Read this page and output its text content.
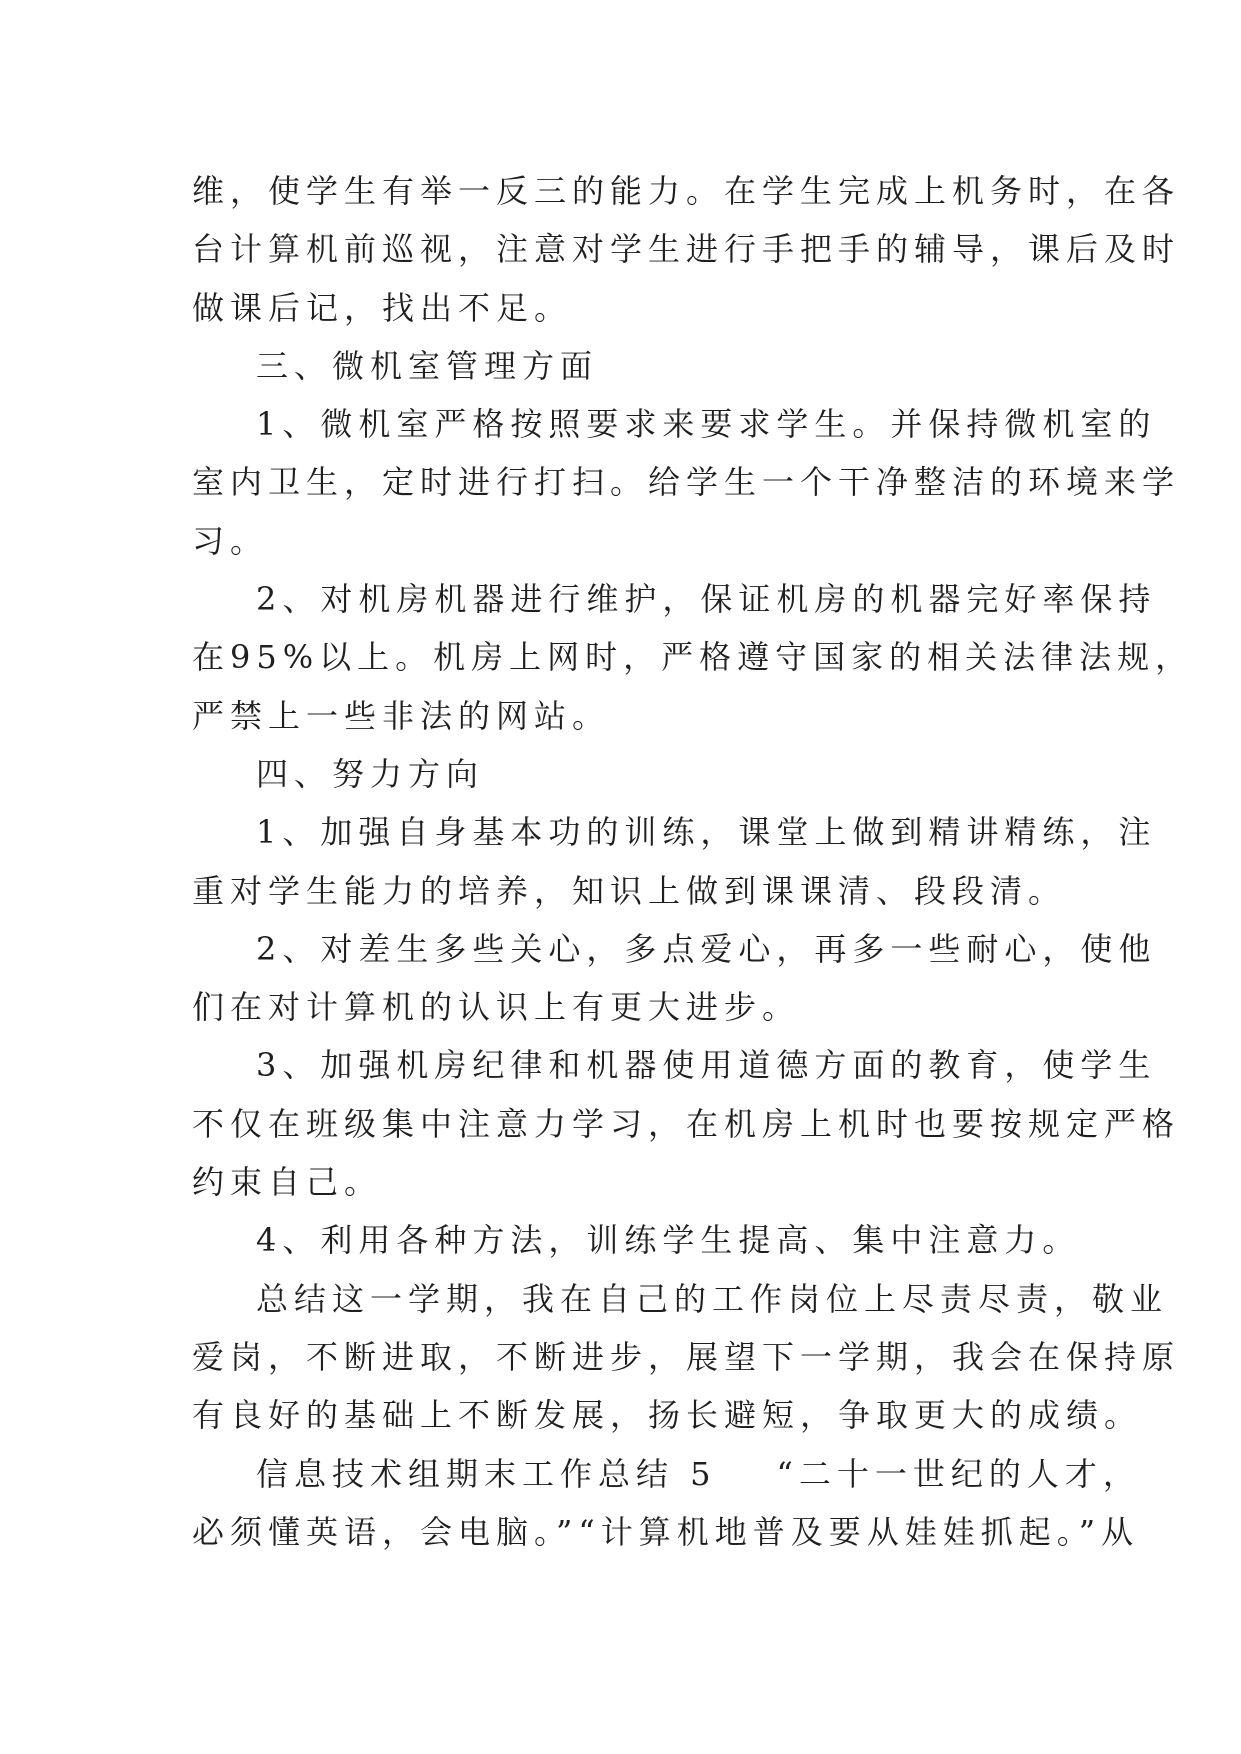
维，使学生有举一反三的能力。在学生完成上机务时，在各
台计算机前巡视，注意对学生进行手把手的辅导，课后及时
做课后记，找出不足。
三、微机室管理方面
1、微机室严格按照要求来要求学生。并保持微机室的
室内卫生，定时进行打扫。给学生一个干净整洁的环境来学
习。
2、对机房机器进行维护，保证机房的机器完好率保持
在95%以上。机房上网时，严格遵守国家的相关法律法规，
严禁上一些非法的网站。
四、努力方向
1、加强自身基本功的训练，课堂上做到精讲精练，注
重对学生能力的培养，知识上做到课课清、段段清。
2、对差生多些关心，多点爱心，再多一些耐心，使他
们在对计算机的认识上有更大进步。
3、加强机房纪律和机器使用道德方面的教育，使学生
不仅在班级集中注意力学习，在机房上机时也要按规定严格
约束自己。
4、利用各种方法，训练学生提高、集中注意力。
总结这一学期，我在自己的工作岗位上尽责尽责，敬业
爱岗，不断进取，不断进步，展望下一学期，我会在保持原
有良好的基础上不断发展，扬长避短，争取更大的成绩。
信息技术组期末工作总结 5 “二十一世纪的人才，
必须懂英语，会电脑。”“计算机地普及要从娃娃抓起。”从
